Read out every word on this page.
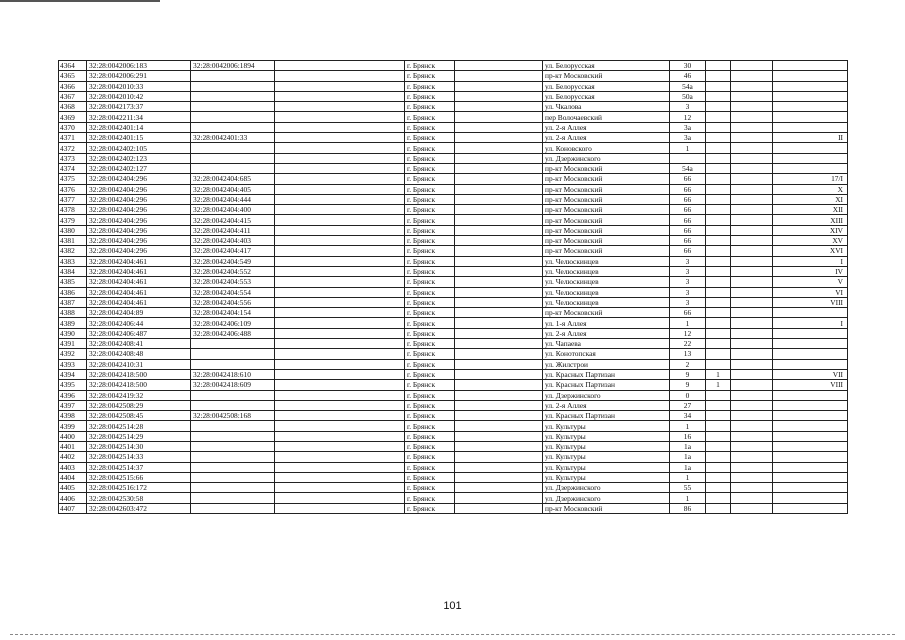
4364	32:28:0042006:183	32:28:0042006:1894		г. Брянск		ул. Белорусская	30			
4365	32:28:0042006:291			г. Брянск		пр-кт Московский	46			
4366	32:28:0042010:33			г. Брянск		ул. Белорусская	54а			
4367	32:28:0042010:42			г. Брянск		ул. Белорусская	50а			
4368	32:28:0042173:37			г. Брянск		ул. Чкалова	3			
4369	32:28:0042211:34			г. Брянск		пер Волочаевский	12			
4370	32:28:0042401:14			г. Брянск		ул. 2-я Аллея	3а			
4371	32:28:0042401:15	32:28:0042401:33		г. Брянск		ул. 2-я Аллея	3а			II
4372	32:28:0042402:105			г. Брянск		ул. Коновского	1			
4373	32:28:0042402:123			г. Брянск		ул. Дзержинского				
4374	32:28:0042402:127			г. Брянск		пр-кт Московский	54а			
4375	32:28:0042404:296	32:28:0042404:685		г. Брянск		пр-кт Московский	66			17/I
4376	32:28:0042404:296	32:28:0042404:405		г. Брянск		пр-кт Московский	66			X
4377	32:28:0042404:296	32:28:0042404:444		г. Брянск		пр-кт Московский	66			XI
4378	32:28:0042404:296	32:28:0042404:400		г. Брянск		пр-кт Московский	66			XII
4379	32:28:0042404:296	32:28:0042404:415		г. Брянск		пр-кт Московский	66			XIII
4380	32:28:0042404:296	32:28:0042404:411		г. Брянск		пр-кт Московский	66			XIV
4381	32:28:0042404:296	32:28:0042404:403		г. Брянск		пр-кт Московский	66			XV
4382	32:28:0042404:296	32:28:0042404:417		г. Брянск		пр-кт Московский	66			XVI
4383	32:28:0042404:461	32:28:0042404:549		г. Брянск		ул. Челюскинцев	3			I
4384	32:28:0042404:461	32:28:0042404:552		г. Брянск		ул. Челюскинцев	3			IV
4385	32:28:0042404:461	32:28:0042404:553		г. Брянск		ул. Челюскинцев	3			V
4386	32:28:0042404:461	32:28:0042404:554		г. Брянск		ул. Челюскинцев	3			VI
4387	32:28:0042404:461	32:28:0042404:556		г. Брянск		ул. Челюскинцев	3			VIII
4388	32:28:0042404:89	32:28:0042404:154		г. Брянск		пр-кт Московский	66			
4389	32:28:0042406:44	32:28:0042406:109		г. Брянск		ул. 1-я Аллея	1			I
4390	32:28:0042406:487	32:28:0042406:488		г. Брянск		ул. 2-я Аллея	12			
4391	32:28:0042408:41			г. Брянск		ул. Чапаева	22			
4392	32:28:0042408:48			г. Брянск		ул. Конотопская	13			
4393	32:28:0042410:31			г. Брянск		ул. Жилстрои	2			
4394	32:28:0042418:500	32:28:0042418:610		г. Брянск		ул. Красных Партизан	9	1		VII
4395	32:28:0042418:500	32:28:0042418:609		г. Брянск		ул. Красных Партизан	9	1		VIII
4396	32:28:0042419:32			г. Брянск		ул. Дзержинского	0			
4397	32:28:0042508:29			г. Брянск		ул. 2-я Аллея	27			
4398	32:28:0042508:45	32:28:0042508:168		г. Брянск		ул. Красных Партизан	34			
4399	32:28:0042514:28			г. Брянск		ул. Культуры	1			
4400	32:28:0042514:29			г. Брянск		ул. Культуры	16			
4401	32:28:0042514:30			г. Брянск		ул. Культуры	1а			
4402	32:28:0042514:33			г. Брянск		ул. Культуры	1а			
4403	32:28:0042514:37			г. Брянск		ул. Культуры	1а			
4404	32:28:0042515:66			г. Брянск		ул. Культуры	1			
4405	32:28:0042516:172			г. Брянск		ул. Дзержинского	55			
4406	32:28:0042530:58			г. Брянск		ул. Дзержинского	1			
4407	32:28:0042603:472			г. Брянск		пр-кт Московский	86			
101
